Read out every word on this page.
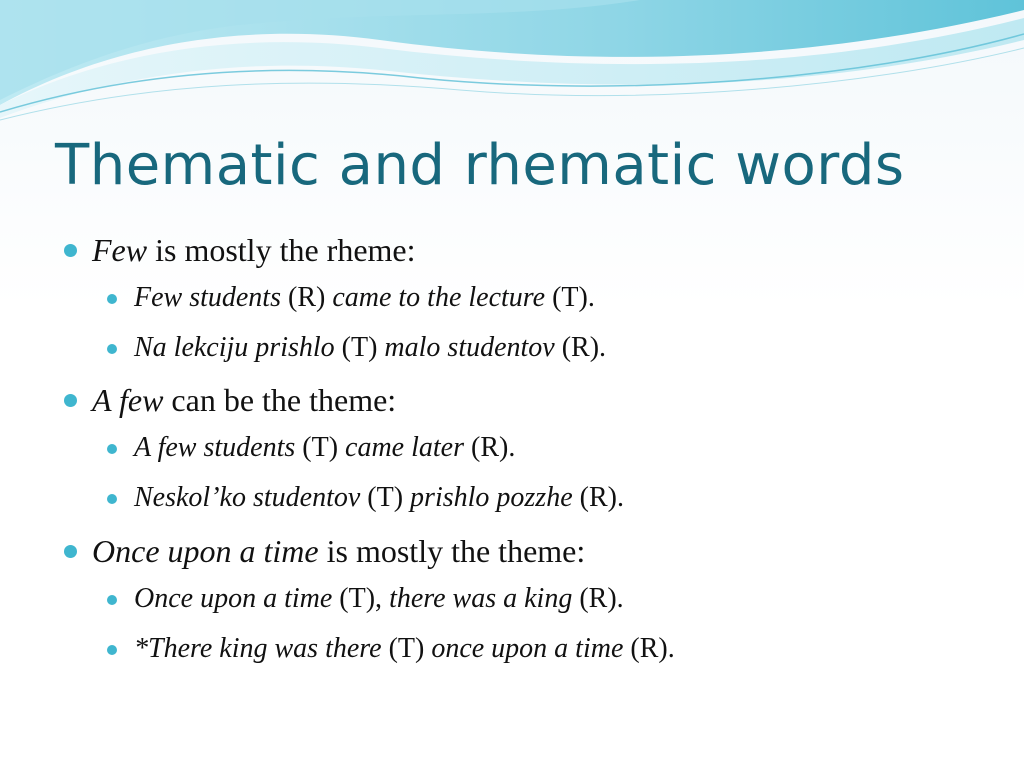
Thematic and rhematic words
Few is mostly the rheme:
Few students (R) came to the lecture (T).
Na lekciju prishlo (T) malo studentov (R).
A few can be the theme:
A few students (T) came later (R).
Neskol’ko studentov (T) prishlo pozzhe (R).
Once upon a time is mostly the theme:
Once upon a time (T), there was a king (R).
*There king was there (T) once upon a time (R).
